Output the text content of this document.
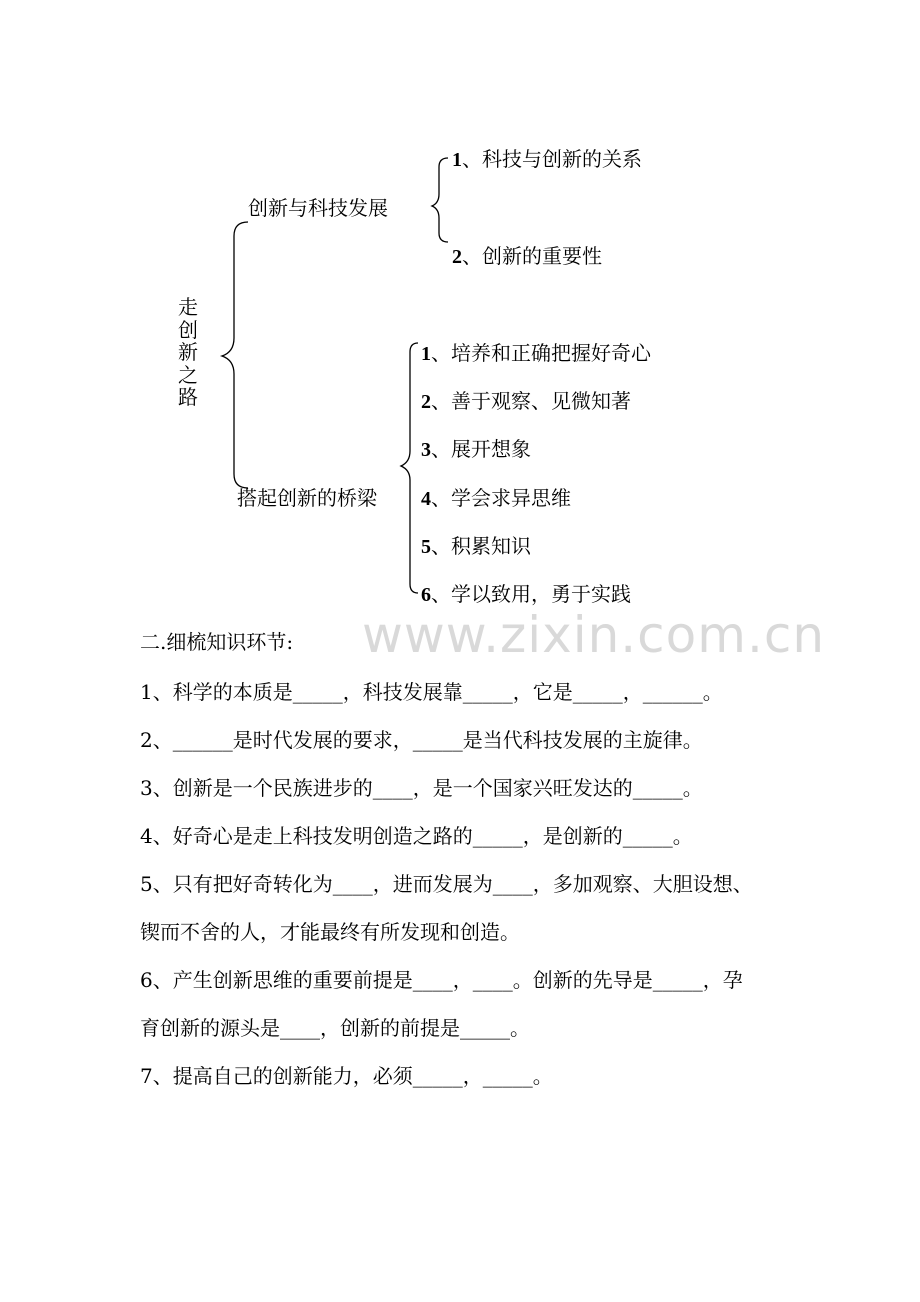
走
创
新
之
路
创新与科技发展
1、科技与创新的关系
2、创新的重要性
搭起创新的桥梁
1、培养和正确把握好奇心
2、善于观察、见微知著
3、展开想象
4、学会求异思维
5、积累知识
6、学以致用，勇于实践
www.zixin.com.cn
二.细梳知识环节:
1、科学的本质是_____，科技发展靠_____，它是_____，______。
2、______是时代发展的要求，_____是当代科技发展的主旋律。
3、创新是一个民族进步的____，是一个国家兴旺发达的_____。
4、好奇心是走上科技发明创造之路的_____，是创新的_____。
5、只有把好奇转化为____，进而发展为____，多加观察、大胆设想、
锲而不舍的人，才能最终有所发现和创造。
6、产生创新思维的重要前提是____，____。创新的先导是_____，孕
育创新的源头是____，创新的前提是_____。
7、提高自己的创新能力，必须_____，_____。
